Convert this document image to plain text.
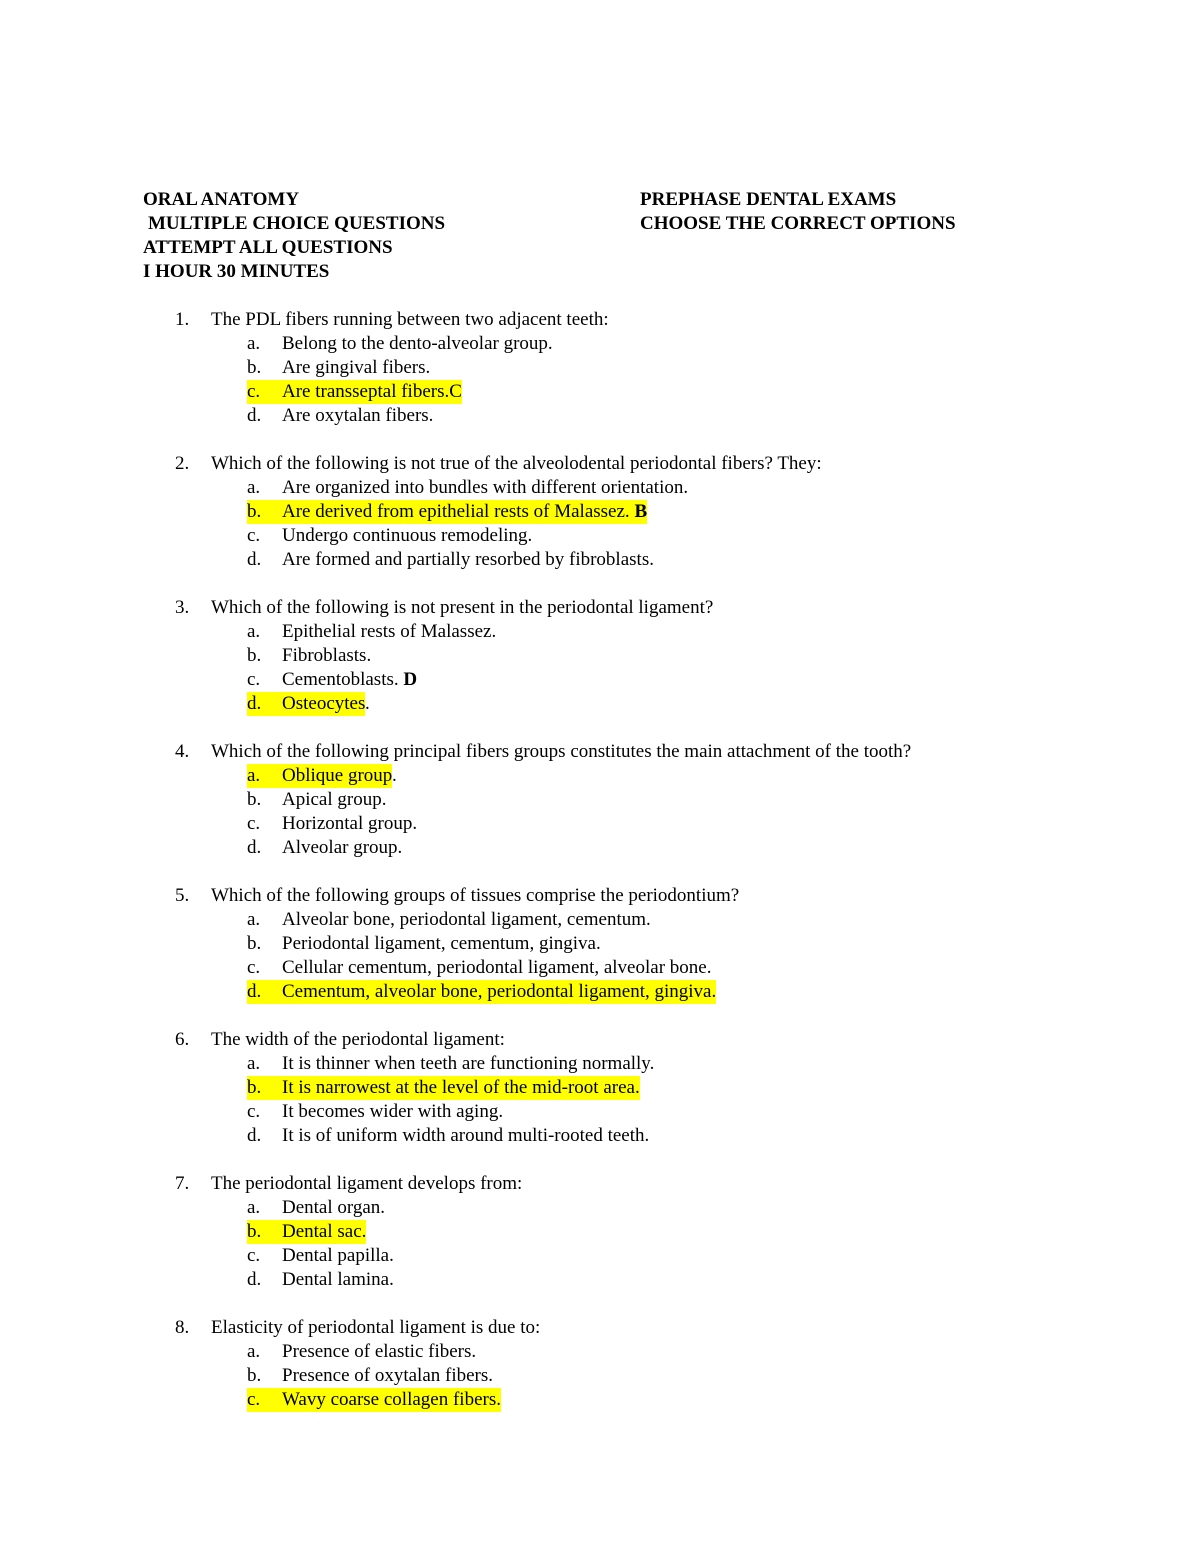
ORAL ANATOMY	PREPHASE DENTAL EXAMS
MULTIPLE CHOICE QUESTIONS	CHOOSE THE CORRECT OPTIONS
ATTEMPT ALL QUESTIONS
I HOUR 30 MINUTES
1. The PDL fibers running between two adjacent teeth:
a. Belong to the dento-alveolar group.
b. Are gingival fibers.
c. Are transseptal fibers.C
d. Are oxytalan fibers.
2. Which of the following is not true of the alveolodental periodontal fibers? They:
a. Are organized into bundles with different orientation.
b. Are derived from epithelial rests of Malassez. B
c. Undergo continuous remodeling.
d. Are formed and partially resorbed by fibroblasts.
3. Which of the following is not present in the periodontal ligament?
a. Epithelial rests of Malassez.
b. Fibroblasts.
c. Cementoblasts. D
d. Osteocytes .
4. Which of the following principal fibers groups constitutes the main attachment of the tooth?
a. Oblique group .
b. Apical group.
c. Horizontal group.
d. Alveolar group.
5. Which of the following groups of tissues comprise the periodontium?
a. Alveolar bone, periodontal ligament, cementum.
b. Periodontal ligament, cementum, gingiva.
c. Cellular cementum, periodontal ligament, alveolar bone.
d. Cementum, alveolar bone, periodontal ligament, gingiva.
6. The width of the periodontal ligament:
a. It is thinner when teeth are functioning normally.
b. It is narrowest at the level of the mid-root area.
c. It becomes wider with aging.
d. It is of uniform width around multi-rooted teeth.
7. The periodontal ligament develops from:
a. Dental organ.
b. Dental sac.
c. Dental papilla.
d. Dental lamina.
8. Elasticity of periodontal ligament is due to:
a. Presence of elastic fibers.
b. Presence of oxytalan fibers.
c. Wavy coarse collagen fibers.
